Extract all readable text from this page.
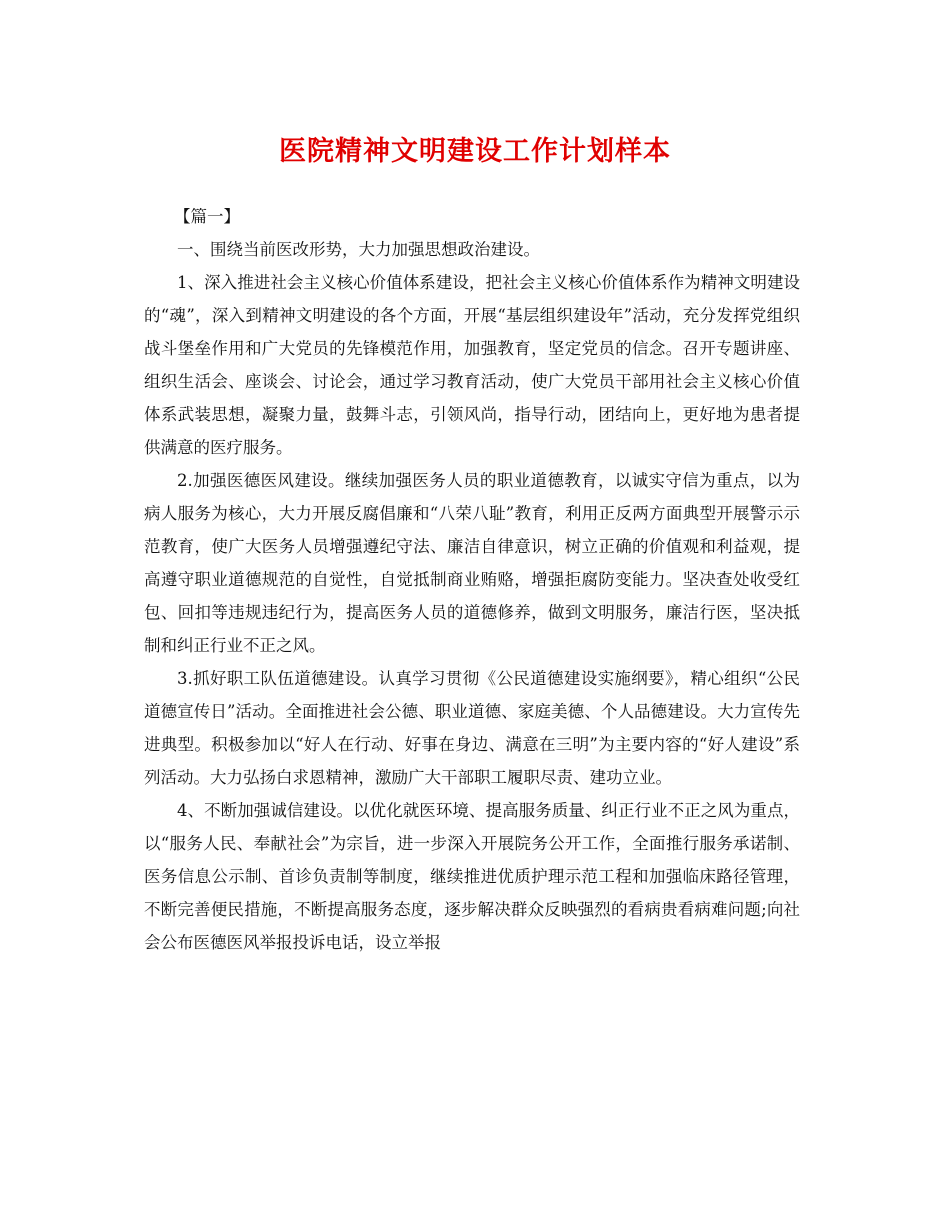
医院精神文明建设工作计划样本

【篇一】

一、围绕当前医改形势，大力加强思想政治建设。

1、深入推进社会主义核心价值体系建设，把社会主义核心价值体系作为精神文明建设的“魂”，深入到精神文明建设的各个方面，开展“基层组织建设年”活动，充分发挥党组织战斗堡垒作用和广大党员的先锋模范作用，加强教育，坚定党员的信念。召开专题讲座、组织生活会、座谈会、讨论会，通过学习教育活动，使广大党员干部用社会主义核心价值体系武装思想，凝聚力量，鼓舞斗志，引领风尚，指导行动，团结向上，更好地为患者提供满意的医疗服务。

2.加强医德医风建设。继续加强医务人员的职业道德教育，以诚实守信为重点，以为病人服务为核心，大力开展反腐倡廉和“八荣八耻”教育，利用正反两方面典型开展警示示范教育，使广大医务人员增强遵纪守法、廉洁自律意识，树立正确的价值观和利益观，提高遵守职业道德规范的自觉性，自觉抵制商业贿赂，增强拒腐防变能力。坚决查处收受红包、回扣等违规违纪行为，提高医务人员的道德修养，做到文明服务，廉洁行医，坚决抵制和纠正行业不正之风。

3.抓好职工队伍道德建设。认真学习贯彻《公民道德建设实施纲要》，精心组织“公民道德宣传日”活动。全面推进社会公德、职业道德、家庭美德、个人品德建设。大力宣传先进典型。积极参加以“好人在行动、好事在身边、满意在三明”为主要内容的“好人建设”系列活动。大力弘扬白求恩精神，激励广大干部职工履职尽责、建功立业。

4、不断加强诚信建设。以优化就医环境、提高服务质量、纠正行业不正之风为重点，以“服务人民、奉献社会”为宗旨，进一步深入开展院务公开工作，全面推行服务承诺制、医务信息公示制、首诊负责制等制度，继续推进优质护理示范工程和加强临床路径管理，不断完善便民措施，不断提高服务态度，逐步解决群众反映强烈的看病贵看病难问题;向社会公布医德医风举报投诉电话，设立举报
